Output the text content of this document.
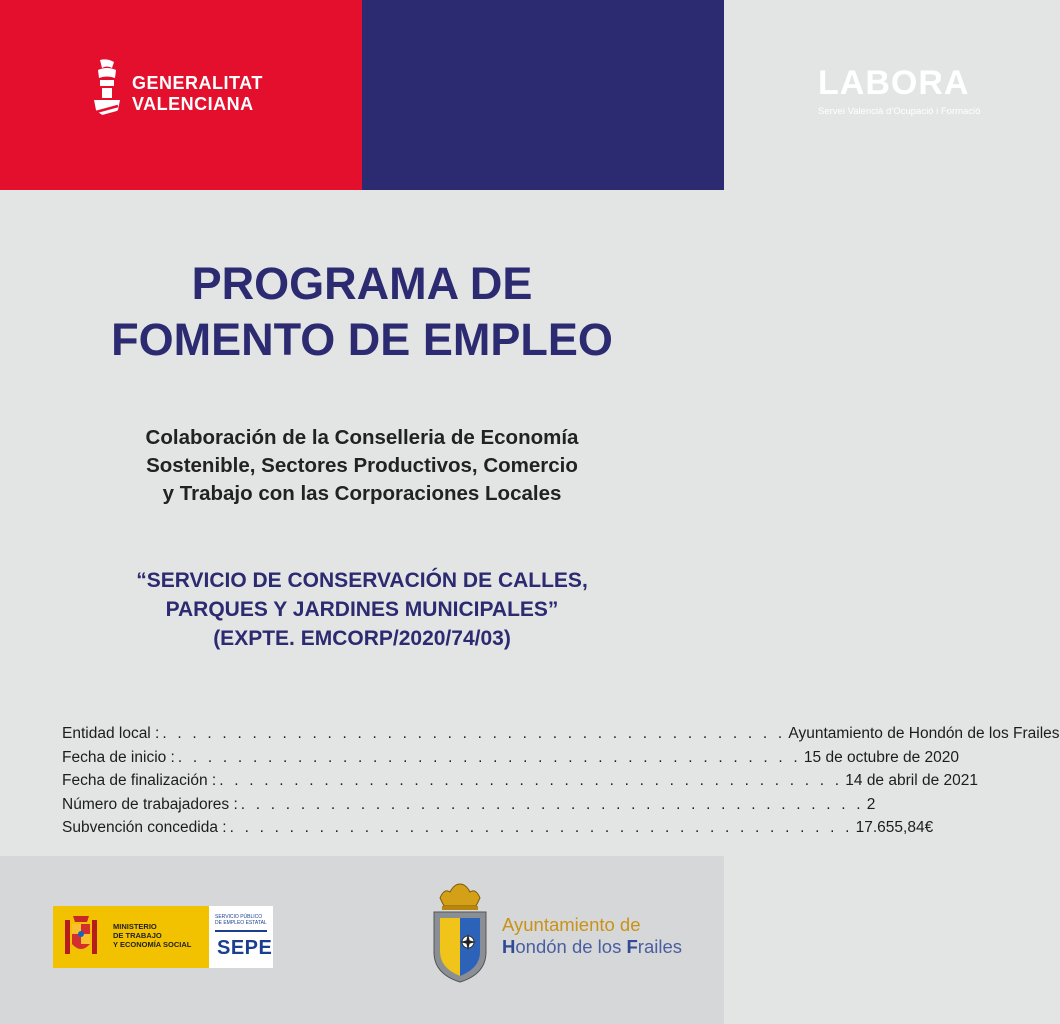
GENERALITAT
VALENCIANA
LABORA
Servei Valencià d’Ocupació i Formació
PROGRAMA DE
FOMENTO DE EMPLEO
Colaboración de la Conselleria de Economía
Sostenible, Sectores Productivos, Comercio
y Trabajo con las Corporaciones Locales
“SERVICIO DE CONSERVACIÓN DE CALLES,
PARQUES Y JARDINES MUNICIPALES”
(EXPTE. EMCORP/2020/74/03)
Entidad local : . . . . . . . . . . . . . . . . . . . . . . . . . . . . . . . . . . . . . . . . . . Ayuntamiento de Hondón de los Frailes
Fecha de inicio : . . . . . . . . . . . . . . . . . . . . . . . . . . . . . . . . . . . . . . . . . . 15 de octubre de 2020
Fecha de finalización : . . . . . . . . . . . . . . . . . . . . . . . . . . . . . . . . . . . . . . . . . . 14 de abril de 2021
Número de trabajadores : . . . . . . . . . . . . . . . . . . . . . . . . . . . . . . . . . . . . . . . . . . 2
Subvención concedida : . . . . . . . . . . . . . . . . . . . . . . . . . . . . . . . . . . . . . . . . . . 17.655,84€
MINISTERIO
DE TRABAJO
Y ECONOMÍA SOCIAL
SERVICIO PÚBLICO
DE EMPLEO ESTATAL
SEPE
Ayuntamiento de
Hondón de los Frailes
